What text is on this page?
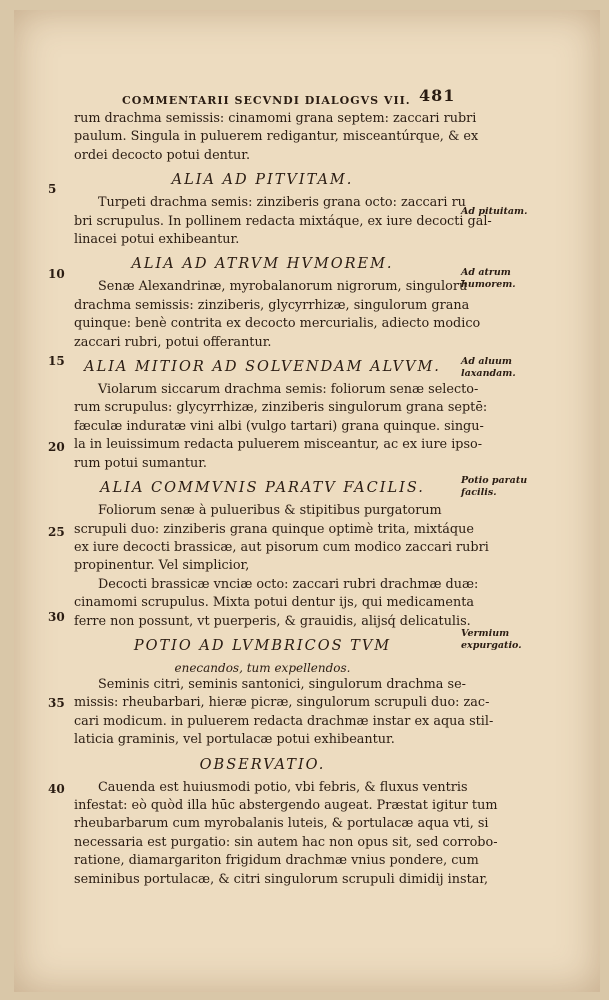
COMMENTARII SECVNDI DIALOGVS VII. 481
5
10
15
20
25
30
35
40
Ad pituitam.
Ad atrum humorem.
Ad aluum laxandam.
Potio paratu facilis.
Vermium expurgatio.
rum drachma semissis: cinamomi grana septem: zaccari rubri
paulum. Singula in puluerem redigantur, misceantúrque, & ex
ordei decocto potui dentur.
ALIA AD PITVITAM.
Turpeti drachma semis: zinziberis grana octo: zaccari ru
bri scrupulus. In pollinem redacta mixtáque, ex iure decocti gal-
linacei potui exhibeantur.
ALIA AD ATRVM HVMOREM.
Senæ Alexandrinæ, myrobalanorum nigrorum, singulorū
drachma semissis: zinziberis, glycyrrhizæ, singulorum grana
quinque: benè contrita ex decocto mercurialis, adiecto modico
zaccari rubri, potui offerantur.
ALIA MITIOR AD SOLVENDAM ALVVM.
Violarum siccarum drachma semis: foliorum senæ selecto-
rum scrupulus: glycyrrhizæ, zinziberis singulorum grana septē:
fæculæ induratæ vini albi (vulgo tartari) grana quinque. singu-
la in leuissimum redacta puluerem misceantur, ac ex iure ipso-
rum potui sumantur.
ALIA COMMVNIS PARATV FACILIS.
Foliorum senæ à pulueribus & stipitibus purgatorum
scrupuli duo: zinziberis grana quinque optimè trita, mixtáque
ex iure decocti brassicæ, aut pisorum cum modico zaccari rubri
propinentur. Vel simplicior,
Decocti brassicæ vnciæ octo: zaccari rubri drachmæ duæ:
cinamomi scrupulus. Mixta potui dentur ijs, qui medicamenta
ferre non possunt, vt puerperis, & grauidis, alijsq́ delicatulis.
POTIO AD LVMBRICOS TVM
enecandos, tum expellendos.
Seminis citri, seminis santonici, singulorum drachma se-
missis: rheubarbari, hieræ picræ, singulorum scrupuli duo: zac-
cari modicum. in puluerem redacta drachmæ instar ex aqua stil-
laticia graminis, vel portulacæ potui exhibeantur.
OBSERVATIO.
Cauenda est huiusmodi potio, vbi febris, & fluxus ventris
infestat: eò quòd illa hūc abstergendo augeat. Præstat igitur tum
rheubarbarum cum myrobalanis luteis, & portulacæ aqua vti, si
necessaria est purgatio: sin autem hac non opus sit, sed corrobo-
ratione, diamargariton frigidum drachmæ vnius pondere, cum
seminibus portulacæ, & citri singulorum scrupuli dimidij instar,
